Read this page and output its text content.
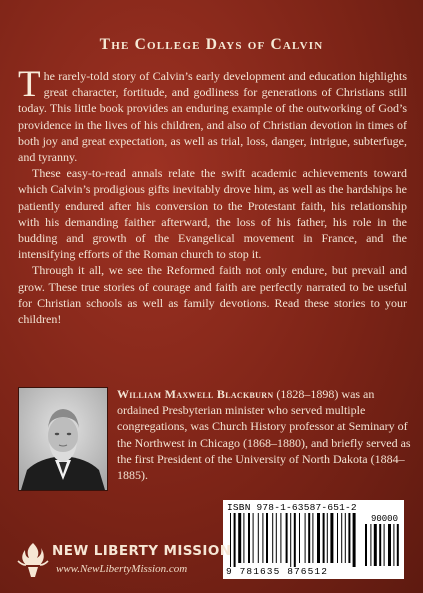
The College Days of Calvin

The rarely-told story of Calvin’s early development and education highlights great character, fortitude, and godliness for generations of Christians still today. This little book provides an enduring example of the outworking of God’s providence in the lives of his children, and also of Christian devotion in times of both joy and great expectation, as well as trial, loss, danger, intrigue, subterfuge, and tyranny.

These easy-to-read annals relate the swift academic achievements toward which Calvin’s prodigious gifts inevitably drove him, as well as the hardships he patiently endured after his conversion to the Protestant faith, his relationship with his demanding faither afterward, the loss of his father, his role in the budding and growth of the Evangelical movement in France, and the intensifying efforts of the Roman church to stop it.

Through it all, we see the Reformed faith not only endure, but prevail and grow. These true stories of courage and faith are perfectly narrated to be useful for Christian schools as well as family devotions. Read these stories to your children!

William Maxwell Blackburn (1828–1898) was an ordained Presbyterian minister who served multiple congregations, was Church History professor at Seminary of the Northwest in Chicago (1868–1880), and briefly served as the first President of the University of North Dakota (1884–1885).
ISBN 978-1-63587-651-2
90000
9 781635 876512
NEW LIBERTY MISSION
www.NewLibertyMission.com
